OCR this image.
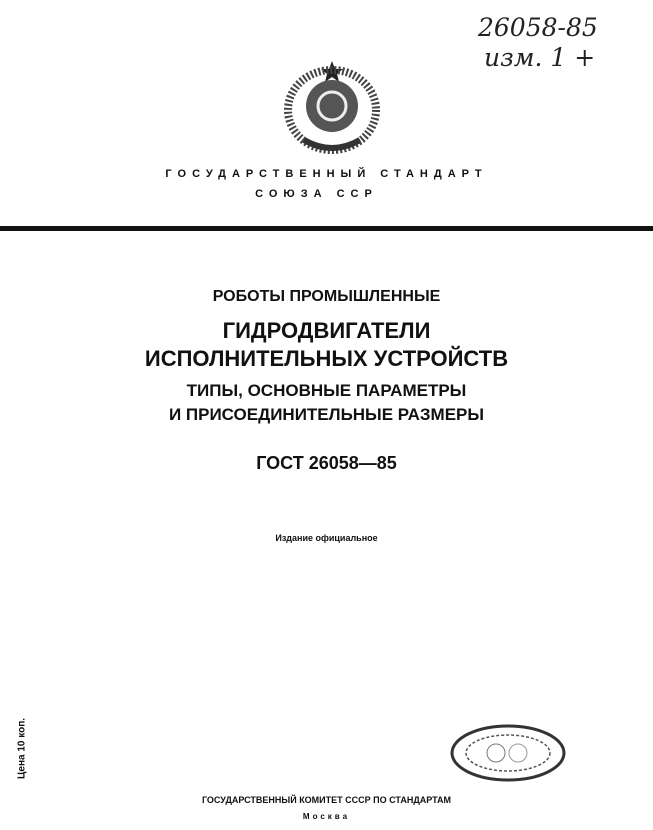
26058-85
изм. 1 +
ГОСУДАРСТВЕННЫЙ СТАНДАРТ
СОЮЗА ССР
РОБОТЫ ПРОМЫШЛЕННЫЕ
ГИДРОДВИГАТЕЛИ
ИСПОЛНИТЕЛЬНЫХ УСТРОЙСТВ
ТИПЫ, ОСНОВНЫЕ ПАРАМЕТРЫ
И ПРИСОЕДИНИТЕЛЬНЫЕ РАЗМЕРЫ
ГОСТ 26058—85
Издание официальное
Цена 10 коп.
ГОСУДАРСТВЕННЫЙ КОМИТЕТ СССР ПО СТАНДАРТАМ
Москва
